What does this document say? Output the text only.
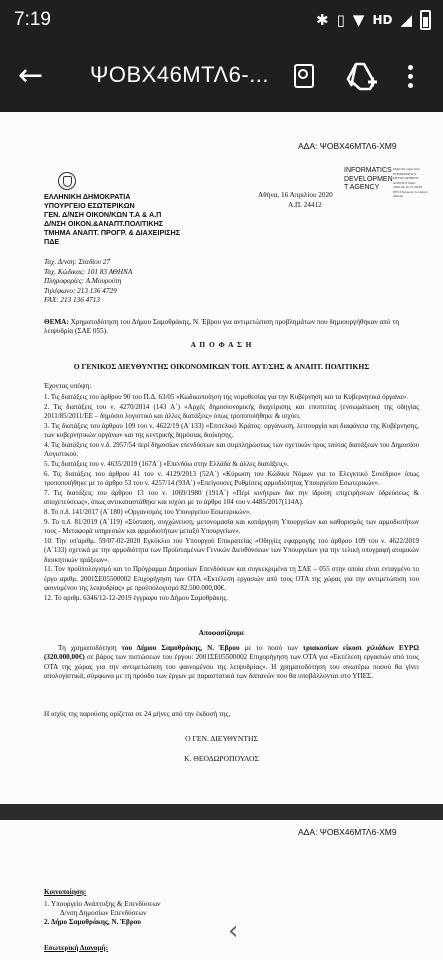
7:19	✱ ▯ ▼ HD ◢
← ΨΟΒΧ46ΜΤΛ6-...
ΑΔΑ: ΨΟΒΧ46ΜΤΛ6-ΧΜ9
ΕΛΛΗΝΙΚΗ ΔΗΜΟΚΡΑΤΙΑ
ΥΠΟΥΡΓΕΙΟ ΕΣΩΤΕΡΙΚΩΝ
ΓΕΝ. Δ/ΝΣΗ ΟΙΚΟΝ/ΚΩΝ Τ.Α & Α.Π
Δ/ΝΣΗ ΟΙΚΟΝ.&ΑΝΑΠΤ.ΠΟΛΙΤΙΚΗΣ
ΤΜΗΜΑ ΑΝΑΠΤ. ΠΡΟΓΡ. & ΔΙΑΧΕΙΡΙΣΗΣ
ΠΔΕ
Αθήνα, 16 Απριλίου 2020
Α.Π. 24412
INFORMATICS
DEVELOPMEN
T AGENCY
Digitally signed by INFORMATICS DEVELOPMENT AGENCY Date: 2020.04.16 15:36:49 EEST Reason: Location: Athens
Ταχ. Δ/νση: Σταδίου 27
Ταχ. Κώδικας: 101 83 ΑΘΗΝΑ
Πληροφορίες: Α.Μουρούτη
Τηλέφωνο: 213 136 4729
FAX: 213 136 4713
ΘΕΜΑ: Χρηματοδότηση του Δήμου Σαμοθράκης, Ν. Έβρου για αντιμετώπιση προβλημάτων που δημιουργήθηκαν από τη λειψυδρία (ΣΑΕ 055).
Α Π Ο Φ Α Σ Η
Ο ΓΕΝΙΚΟΣ ΔΙΕΥΘΥΝΤΗΣ ΟΙΚΟΝΟΜΙΚΩΝ ΤΟΠ. ΑΥΤ/ΣΗΣ & ΑΝΑΠΤ. ΠΟΛΙΤΙΚΗΣ
Έχοντας υπόψη:
1. Τις διατάξεις του άρθρου 90 του Π.Δ. 63/05 «Κωδικοποίηση της νομοθεσίας για την Κυβέρνηση και τα Κυβερνητικά όργανα».
2. Τις διατάξεις του ν. 4270/2014 (143 Α΄) «Αρχές δημοσιονομικής διαχείρισης και εποπτείας (ενσωμάτωση της οδηγίας 2011/85/2011/ΕΕ – δημόσιο λογιστικό και άλλες διατάξεις» όπως τροποποιήθηκε & ισχύει.
3. Τις διατάξεις του άρθρου 109 του ν. 4622/19 (Α΄133) «Επιτελικό Κράτος: οργάνωση, λειτουργία και διαφάνεια της Κυβέρνησης, των κυβερνητικών οργάνων και της κεντρικής δημόσιας διοίκησης.
4. Τις διατάξεις του ν.δ. 2957/54 περί δημοσίων επενδύσεων και συμπληρώσεως των σχετικών προς ταύτας διατάξεων του Δημοσίου Λογιστικού.
5. Τις διατάξεις του ν. 4635/2019 (167Α΄) «Επενδύω στην Ελλάδα & άλλες διατάξεις».
6. Τις διατάξεις του άρθρου 41 του ν. 4129/2013 (52Α΄) «Κύρωση του Κώδικα Νόμων για το Ελεγκτικό Συνέδριο» όπως τροποποιήθηκε με το άρθρο 53 του ν. 4257/14 (93Α΄) «Επείγουσες Ρυθμίσεις αρμοδιότητας Υπουργείου Εσωτερικών».
7. Τις διατάξεις του άρθρου 13 του ν. 1069/1980 (191Α΄) «Περί κινήτρων δια την ίδρυση επιχειρήσεων ύδρεύσεως & αποχετεύσεως», όπως αντικαταστάθηκε και ισχύει με το άρθρο 104 του ν.4485/2017(114Α).
8. Το π.δ. 141/2017 (Α΄180) «Οργανισμός του Υπουργείου Εσωτερικών».
9. Το π.δ. 81/2019 (Α΄119) «Σύσταση, συγχώνευση, μετονομασία και κατάργηση Υπουργείων και καθορισμός των αρμοδιοτήτων τους - Μεταφορά υπηρεσιών και αρμοδιοτήτων μεταξύ Υπουργείων».
10. Την υπ'αριθμ. 59/07-02-2020 Εγκύκλιο του Υπουργού Επικρατείας «Οδηγίες εφαρμογής του άρθρου 109 του ν. 4622/2019 (Α΄133) σχετικά με την αρμοδιότητα των Προϊσταμένων Γενικών Διευθύνσεων των Υπουργείων για την τελική υπογραφή ατομικών διοικητικών πράξεων».
11. Τον προϋπολογισμό και το Πρόγραμμα Δημοσίων Επενδύσεων και συγκεκριμένα τη ΣΑΕ – 055 στην οποία είναι ενταγμένο το έργο αριθμ. 2001ΣΕ05500002 Επιχορήγηση των ΟΤΑ «Εκτέλεση εργασιών από τους ΟΤΑ της χώρας για την αντιμετώπιση του φαινομένου της λειψυδρίας» με προϋπολογισμό 82.500.000,00€.
12. Το αριθμ. 6346/12-12-2019 έγγραφο του Δήμου Σαμοθράκης.
Αποφασίζουμε
Τη χρηματοδότηση του Δήμου Σαμοθράκης, Ν. Έβρου με το ποσό των τριακοσίων είκοσι χιλιάδων ΕΥΡΩ (320.000,00€) σε βάρος των πιστώσεων του έργου: 2001ΣΕ05500002 Επιχορήγηση των ΟΤΑ για «Εκτέλεση εργασιών από τους ΟΤΑ της χώρας για την αντιμετώπιση του φαινομένου της λειψυδρίας». Η χρηματοδότηση του ανωτέρω ποσού θα γίνει απολογιστικά, σύμφωνα με τη πρόοδο των έργων με παραστατικά των δαπανών που θα υποβάλλονται στο ΥΠΕΣ.
Η ισχύς της παρούσης ορίζεται σε 24 μήνες από την έκδοσή της.
Ο ΓΕΝ. ΔΙΕΥΘΥΝΤΗΣ
Κ. ΘΕΟΔΩΡΟΠΟΥΛΟΣ
ΑΔΑ: ΨΟΒΧ46ΜΤΛ6-ΧΜ9
Κοινοποίηση:
1. Υπουργείο Ανάπτυξης & Επενδύσεων
Δ/νση Δημοσίων Επενδύσεων
2. Δήμο Σαμοθράκης, Ν. Έβρου
Εσωτερική Διανομή:
‹
